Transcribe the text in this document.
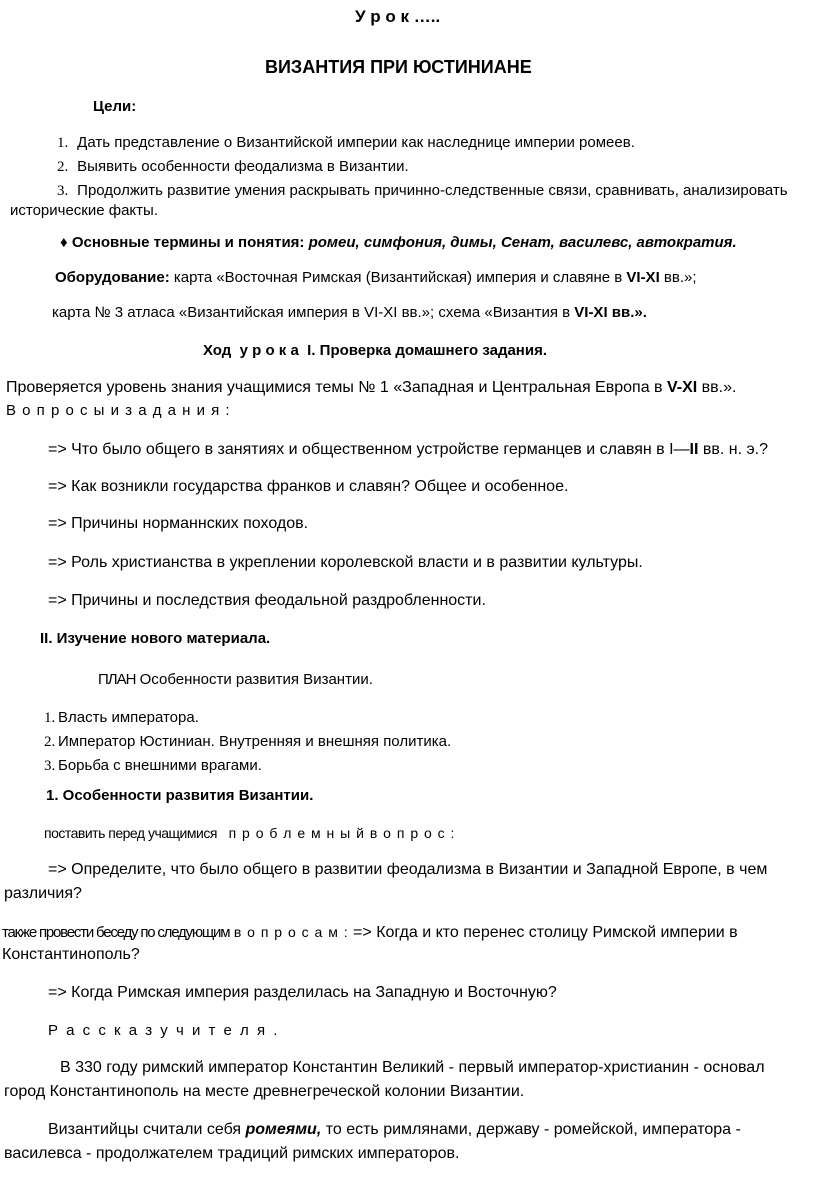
У р о к …..
ВИЗАНТИЯ ПРИ ЮСТИНИАНЕ
Цели:
1. Дать представление о Византийской империи как наследнице империи ромеев.
2. Выявить особенности феодализма в Византии.
3. Продолжить развитие умения раскрывать причинно-следственные связи, сравнивать, анализировать
исторические факты.
♦ Основные термины и понятия: ромеи, симфония, димы, Сенат, василевс, автократия.
Оборудование: карта «Восточная Римская (Византийская) империя и славяне в VI-XI вв.»;
карта № 3 атласа «Византийская империя в VI-XI вв.»; схема «Византия в VI-XI вв.».
Ход у р о к а I. Проверка домашнего задания.
Проверяется уровень знания учащимися темы № 1 «Западная и Центральная Европа в V-XI вв.».
В о п р о с ы и з а д а н и я :
=> Что было общего в занятиях и общественном устройстве германцев и славян в I—II вв. н. э.?
=> Как возникли государства франков и славян? Общее и особенное.
=> Причины норманнских походов.
=> Роль христианства в укреплении королевской власти и в развитии культуры.
=> Причины и последствия феодальной раздробленности.
II. Изучение нового материала.
ПЛАН Особенности развития Византии.
1. Власть императора.
2. Император Юстиниан. Внутренняя и внешняя политика.
3. Борьба с внешними врагами.
1. Особенности развития Византии.
поставить перед учащимися п р о б л е м н ы й в о п р о с :
=> Определите, что было общего в развитии феодализма в Византии и Западной Европе, в чем
различия?
также провести беседу по следующим в о п р о с а м : => Когда и кто перенес столицу Римской империи в
Константинополь?
=> Когда Римская империя разделилась на Западную и Восточную?
Р а с с к а з у ч и т е л я .
В 330 году римский император Константин Великий - первый император-христианин - основал
город Константинополь на месте древнегреческой колонии Византии.
Византийцы считали себя ромеями, то есть римлянами, державу - ромейской, императора -
василевса - продолжателем традиций римских императоров.
